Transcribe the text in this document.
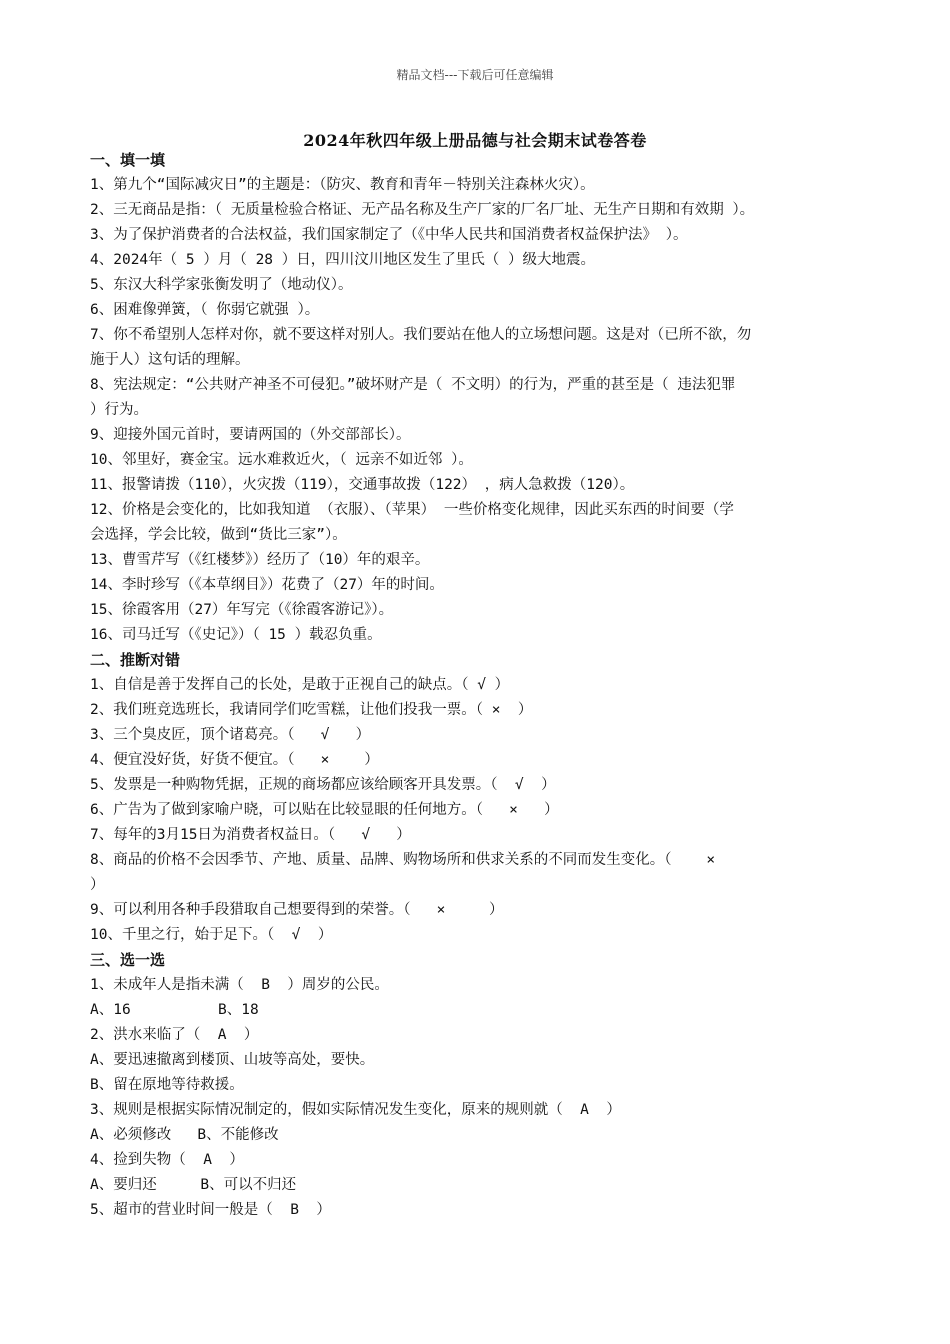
精品文档---下载后可任意编辑
2024年秋四年级上册品德与社会期末试卷答卷

一、填一填

1、第九个“国际减灾日”的主题是：（防灾、教育和青年－特别关注森林火灾）。

2、三无商品是指：（ 无质量检验合格证、无产品名称及生产厂家的厂名厂址、无生产日期和有效期 ）。

3、为了保护消费者的合法权益，我们国家制定了（《中华人民共和国消费者权益保护法》 ）。

4、2024年（ 5 ）月（ 28 ）日，四川汶川地区发生了里氏（ ）级大地震。

5、东汉大科学家张衡发明了（地动仪）。

6、困难像弹簧，（ 你弱它就强 ）。

7、你不希望别人怎样对你，就不要这样对别人。我们要站在他人的立场想问题。这是对（已所不欲，勿

施于人）这句话的理解。

8、宪法规定：“公共财产神圣不可侵犯。”破坏财产是（ 不文明）的行为，严重的甚至是（ 违法犯罪

）行为。

9、迎接外国元首时，要请两国的（外交部部长）。

10、邻里好，赛金宝。远水难救近火，（ 远亲不如近邻 ）。

11、报警请拨（110），火灾拨（119），交通事故拨（122） ，病人急救拨（120）。

12、价格是会变化的，比如我知道 （衣服）、（苹果） 一些价格变化规律，因此买东西的时间要（学

会选择，学会比较，做到“货比三家”）。

13、曹雪芹写（《红楼梦》）经历了（10）年的艰辛。

14、李时珍写（《本草纲目》）花费了（27）年的时间。

15、徐霞客用（27）年写完（《徐霞客游记》）。

16、司马迁写（《史记》）（ 15 ）载忍负重。

二、推断对错

1、自信是善于发挥自己的长处，是敢于正视自己的缺点。（ √ ）

2、我们班竞选班长，我请同学们吃雪糕，让他们投我一票。（ ×  ）

3、三个臭皮匠，顶个诸葛亮。（   √   ）

4、便宜没好货，好货不便宜。（   ×    ）

5、发票是一种购物凭据，正规的商场都应该给顾客开具发票。（  √  ）

6、广告为了做到家喻户晓，可以贴在比较显眼的任何地方。（   ×   ）

7、每年的3月15日为消费者权益日。（   √   ）

8、商品的价格不会因季节、产地、质量、品牌、购物场所和供求关系的不同而发生变化。（    ×

）

9、可以利用各种手段猎取自己想要得到的荣誉。（   ×     ）

10、千里之行，始于足下。（  √  ）

三、选一选

1、未成年人是指未满（  B  ）周岁的公民。

A、16          B、18

2、洪水来临了（  A  ）

A、要迅速撤离到楼顶、山坡等高处，要快。

B、留在原地等待救援。

3、规则是根据实际情况制定的，假如实际情况发生变化，原来的规则就（  A  ）

A、必须修改   B、不能修改

4、捡到失物（  A  ）

A、要归还     B、可以不归还

5、超市的营业时间一般是（  B  ）
